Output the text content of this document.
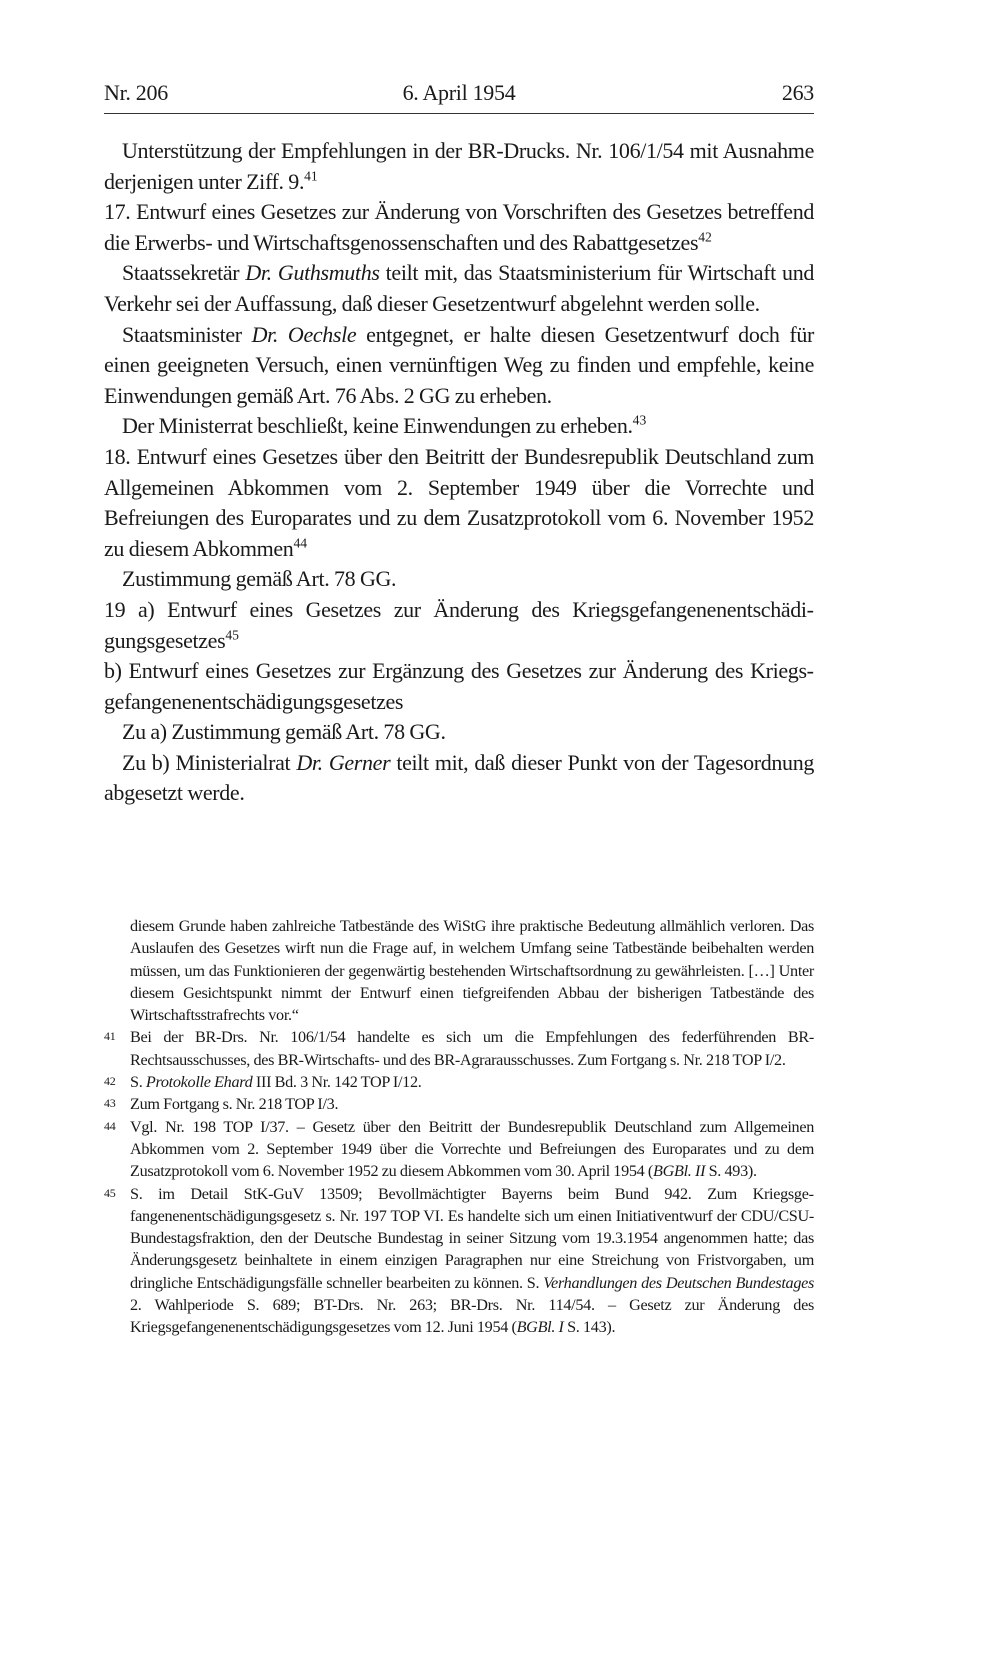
Nr. 206	6. April 1954	263

Unterstützung der Empfehlungen in der BR-Drucks. Nr. 106/1/54 mit Ausnahme derjenigen unter Ziff. 9.41

17. Entwurf eines Gesetzes zur Änderung von Vorschriften des Gesetzes betreffend die Erwerbs- und Wirtschaftsgenossenschaften und des Rabattgesetzes$^{42}$

Staatssekretär Dr. Guthsmuths teilt mit, das Staatsministerium für Wirtschaft und Verkehr sei der Auffassung, daß dieser Gesetzentwurf abgelehnt werden solle.

Staatsminister Dr. Oechsle entgegnet, er halte diesen Gesetzentwurf doch für einen geeigneten Versuch, einen vernünftigen Weg zu finden und empfehle, keine Einwendungen gemäß Art. 76 Abs. 2 GG zu erheben.

Der Ministerrat beschließt, keine Einwendungen zu erheben.$^{43}$

18. Entwurf eines Gesetzes über den Beitritt der Bundesrepublik Deutschland zum Allgemeinen Abkommen vom 2. September 1949 über die Vorrechte und Befreiungen des Europarates und zu dem Zusatzprotokoll vom 6. November 1952 zu diesem Abkommen$^{44}$

Zustimmung gemäß Art. 78 GG.

19 a) Entwurf eines Gesetzes zur Änderung des Kriegsgefangenenentschädigungsgesetzes$^{45}$

b) Entwurf eines Gesetzes zur Ergänzung des Gesetzes zur Änderung des Kriegsgefangenenentschädigungsgesetzes

Zu a) Zustimmung gemäß Art. 78 GG.

Zu b) Ministerialrat Dr. Gerner teilt mit, daß dieser Punkt von der Tagesordnung abgesetzt werde.

diesem Grunde haben zahlreiche Tatbestände des WiStG ihre praktische Bedeutung allmählich verloren. Das Auslaufen des Gesetzes wirft nun die Frage auf, in welchem Umfang seine Tatbestände beibehalten werden müssen, um das Funktionieren der gegenwärtig bestehenden Wirtschaftsordnung zu gewährleisten. […] Unter diesem Gesichtspunkt nimmt der Entwurf einen tiefgreifenden Abbau der bisherigen Tatbestände des Wirtschaftsstrafrechts vor.“

41 Bei der BR-Drs. Nr. 106/1/54 handelte es sich um die Empfehlungen des federführenden BR-Rechtsausschusses, des BR-Wirtschafts- und des BR-Agrarausschusses. Zum Fortgang s. Nr. 218 TOP I/2.

42 S. Protokolle Ehard III Bd. 3 Nr. 142 TOP I/12.

43 Zum Fortgang s. Nr. 218 TOP I/3.

44 Vgl. Nr. 198 TOP I/37. – Gesetz über den Beitritt der Bundesrepublik Deutschland zum Allgemeinen Abkommen vom 2. September 1949 über die Vorrechte und Befreiungen des Europarates und zu dem Zusatzprotokoll vom 6. November 1952 zu diesem Abkommen vom 30. April 1954 (BGBl. II S. 493).

45 S. im Detail StK-GuV 13509; Bevollmächtigter Bayerns beim Bund 942. Zum Kriegsgefangenenentschädigungsgesetz s. Nr. 197 TOP VI. Es handelte sich um einen Initiativentwurf der CDU/CSU-Bundestagsfraktion, den der Deutsche Bundestag in seiner Sitzung vom 19.3.1954 angenommen hatte; das Änderungsgesetz beinhaltete in einem einzigen Paragraphen nur eine Streichung von Fristvorgaben, um dringliche Entschädigungsfälle schneller bearbeiten zu können. S. Verhandlungen des Deutschen Bundestages 2. Wahlperiode S. 689; BT-Drs. Nr. 263; BR-Drs. Nr. 114/54. – Gesetz zur Änderung des Kriegsgefangenenentschädigungsgesetzes vom 12. Juni 1954 (BGBl. I S. 143).
